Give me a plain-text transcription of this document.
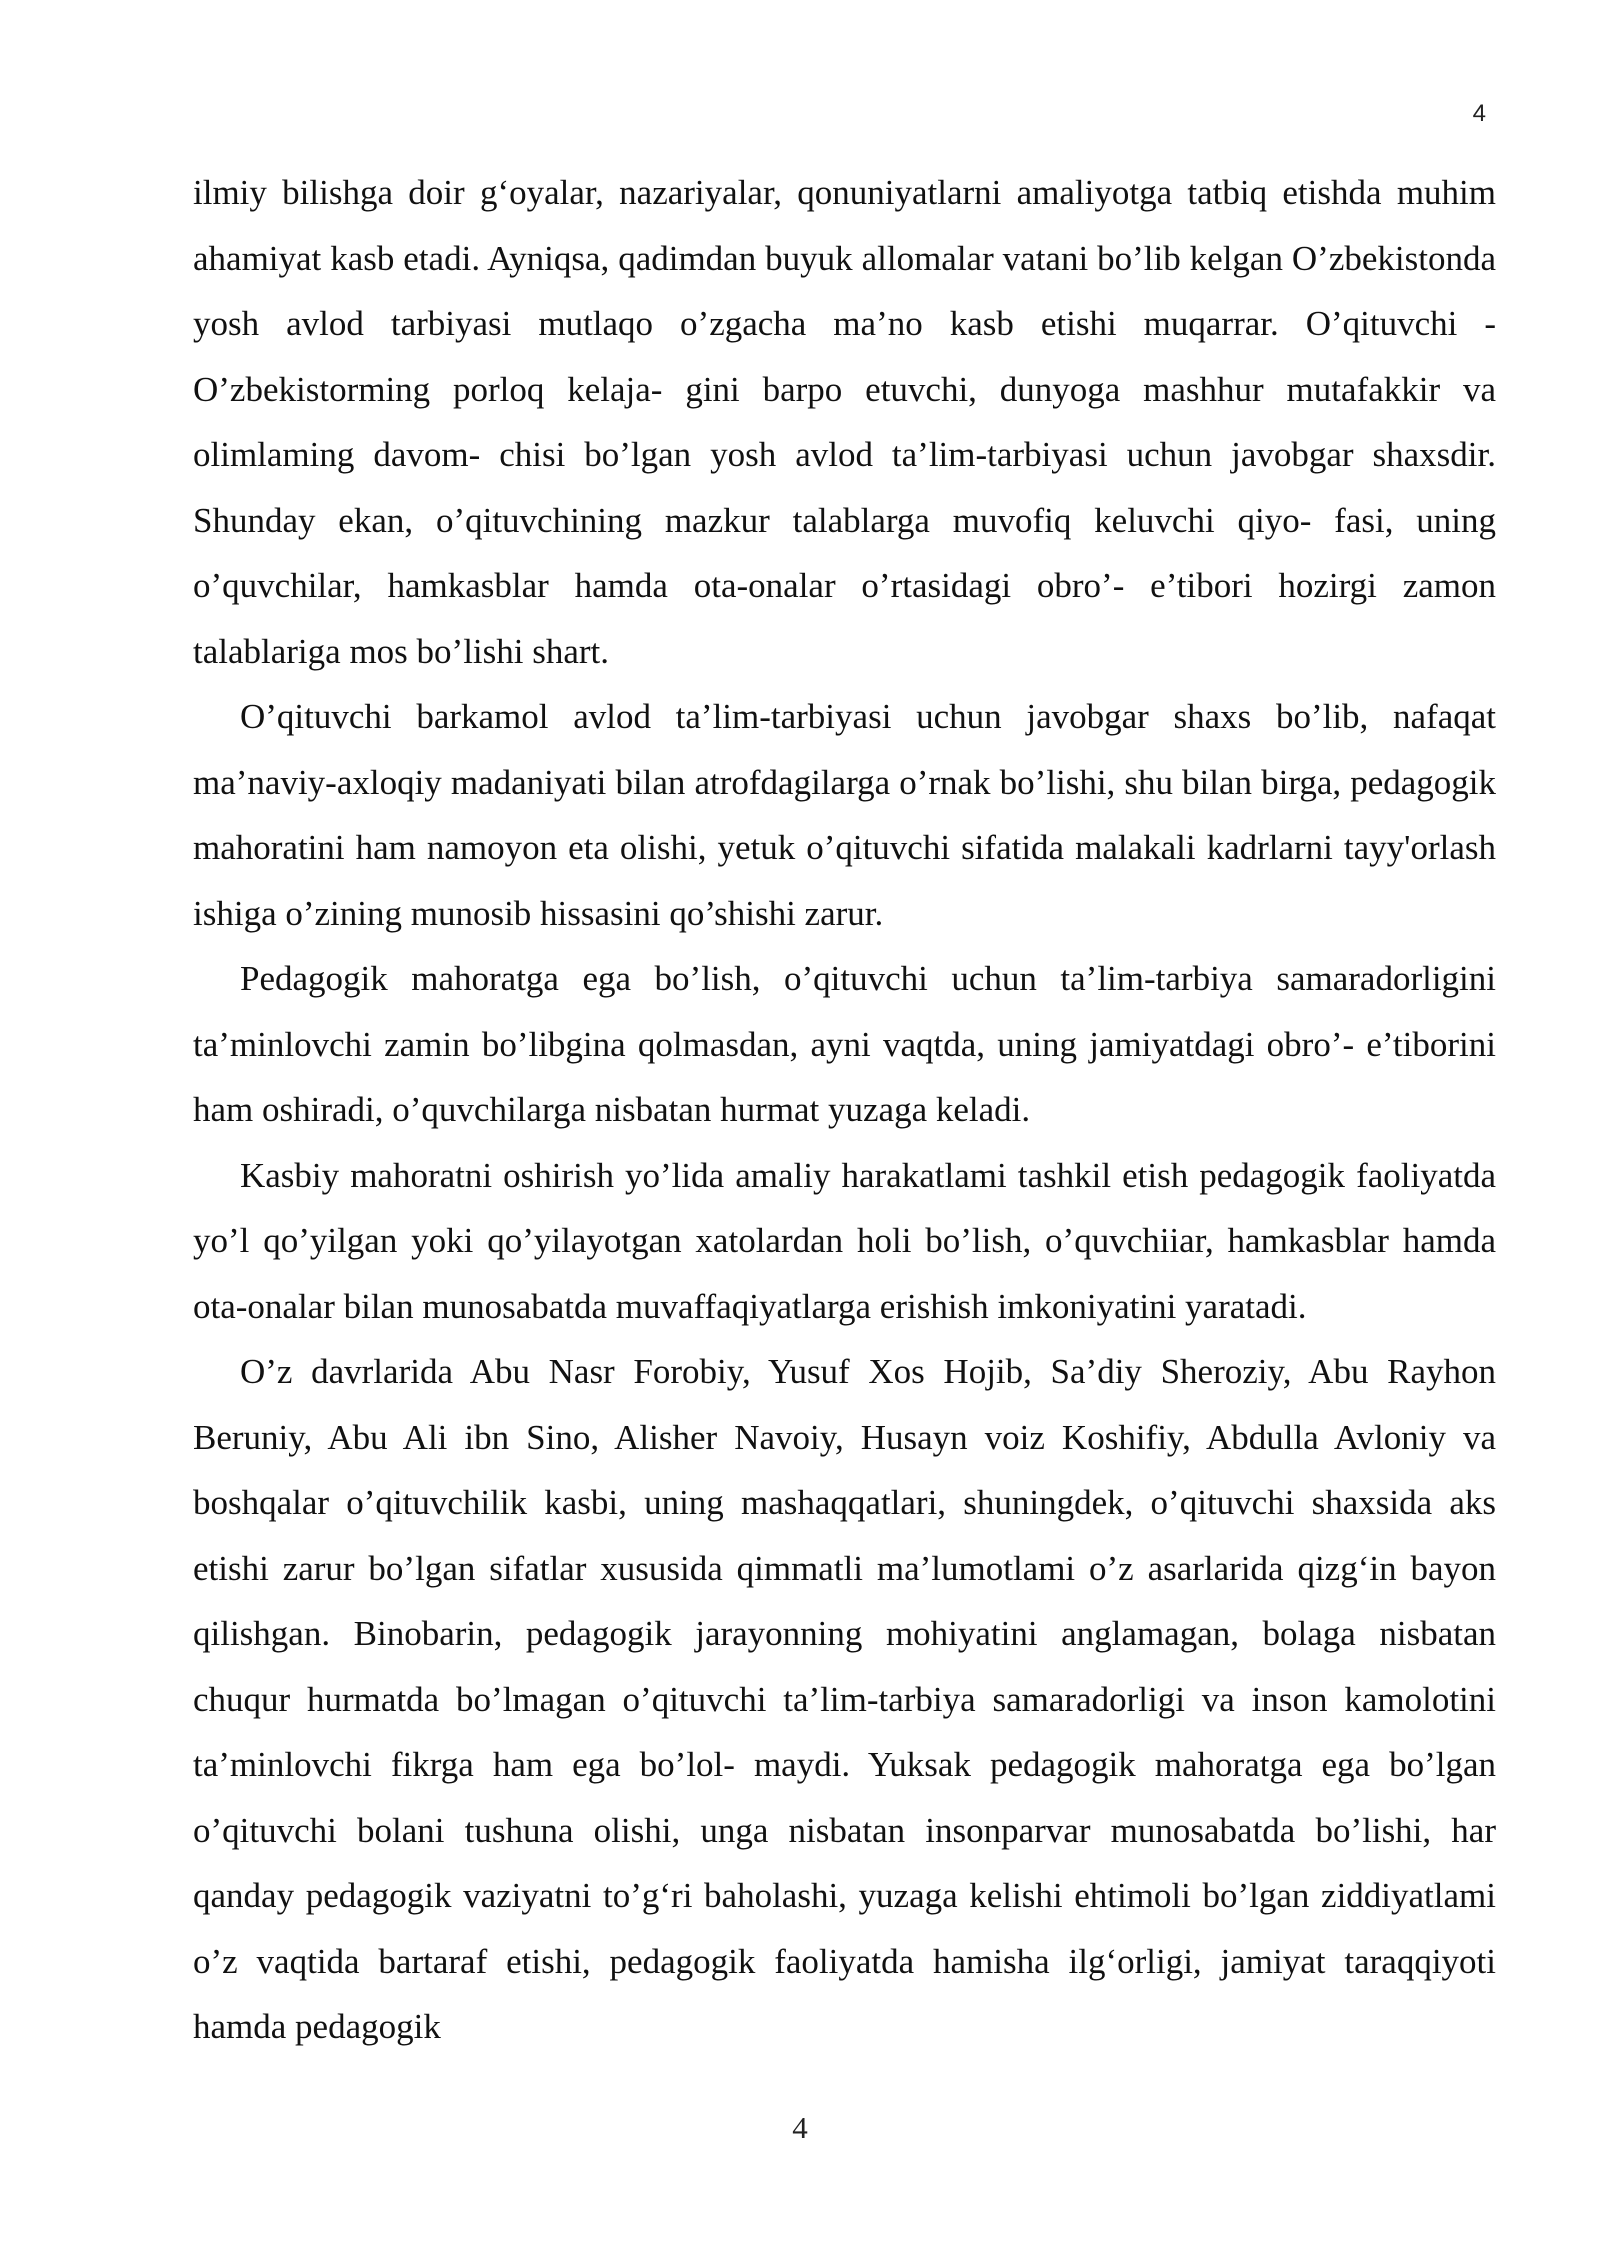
4

ilmiy bilishga doir g‘oyalar, nazariyalar, qonuniyatlarni amaliyotga tatbiq etishda muhim ahamiyat kasb etadi. Ayniqsa, qadimdan buyuk allomalar vatani bo’lib kelgan O’zbekistonda yosh avlod tarbiyasi mutlaqo o’zgacha ma’no kasb etishi muqarrar. O’qituvchi - O’zbekistorming porloq kelaja- gini barpo etuvchi, dunyoga mashhur mutafakkir va olimlaming davom- chisi bo’lgan yosh avlod ta’lim-tarbiyasi uchun javobgar shaxsdir. Shunday ekan, o’qituvchining mazkur talablarga muvofiq keluvchi qiyo- fasi, uning o’quvchilar, hamkasblar hamda ota-onalar o’rtasidagi obro’- e’tibori hozirgi zamon talablariga mos bo’lishi shart.

O’qituvchi barkamol avlod ta’lim-tarbiyasi uchun javobgar shaxs bo’lib, nafaqat ma’naviy-axloqiy madaniyati bilan atrofdagilarga o’rnak bo’lishi, shu bilan birga, pedagogik mahoratini ham namoyon eta olishi, yetuk o’qituvchi sifatida malakali kadrlarni tayy'orlash ishiga o’zining munosib hissasini qo’shishi zarur.

Pedagogik mahoratga ega bo’lish, o’qituvchi uchun ta’lim-tarbiya samaradorligini ta’minlovchi zamin bo’libgina qolmasdan, ayni vaqtda, uning jamiyatdagi obro’- e’tiborini ham oshiradi, o’quvchilarga nisbatan hurmat yuzaga keladi.

Kasbiy mahoratni oshirish yo’lida amaliy harakatlami tashkil etish pedagogik faoliyatda yo’l qo’yilgan yoki qo’yilayotgan xatolardan holi bo’lish, o’quvchiiar, hamkasblar hamda ota-onalar bilan munosabatda muvaffaqiyatlarga erishish imkoniyatini yaratadi.

O’z davrlarida Abu Nasr Forobiy, Yusuf Xos Hojib, Sa’diy Sheroziy, Abu Rayhon Beruniy, Abu Ali ibn Sino, Alisher Navoiy, Husayn voiz Koshifiy, Abdulla Avloniy va boshqalar o’qituvchilik kasbi, uning mashaqqatlari, shuningdek, o’qituvchi shaxsida aks etishi zarur bo’lgan sifatlar xususida qimmatli ma’lumotlami o’z asarlarida qizg‘in bayon qilishgan. Binobarin, pedagogik jarayonning mohiyatini anglamagan, bolaga nisbatan chuqur hurmatda bo’lmagan o’qituvchi ta’lim-tarbiya samaradorligi va inson kamolotini ta’minlovchi fikrga ham ega bo’lol- maydi. Yuksak pedagogik mahoratga ega bo’lgan o’qituvchi bolani tushuna olishi, unga nisbatan insonparvar munosabatda bo’lishi, har qanday pedagogik vaziyatni to’g‘ri baholashi, yuzaga kelishi ehtimoli bo’lgan ziddiyatlami o’z vaqtida bartaraf etishi, pedagogik faoliyatda hamisha ilg‘orligi, jamiyat taraqqiyoti hamda pedagogik

4
